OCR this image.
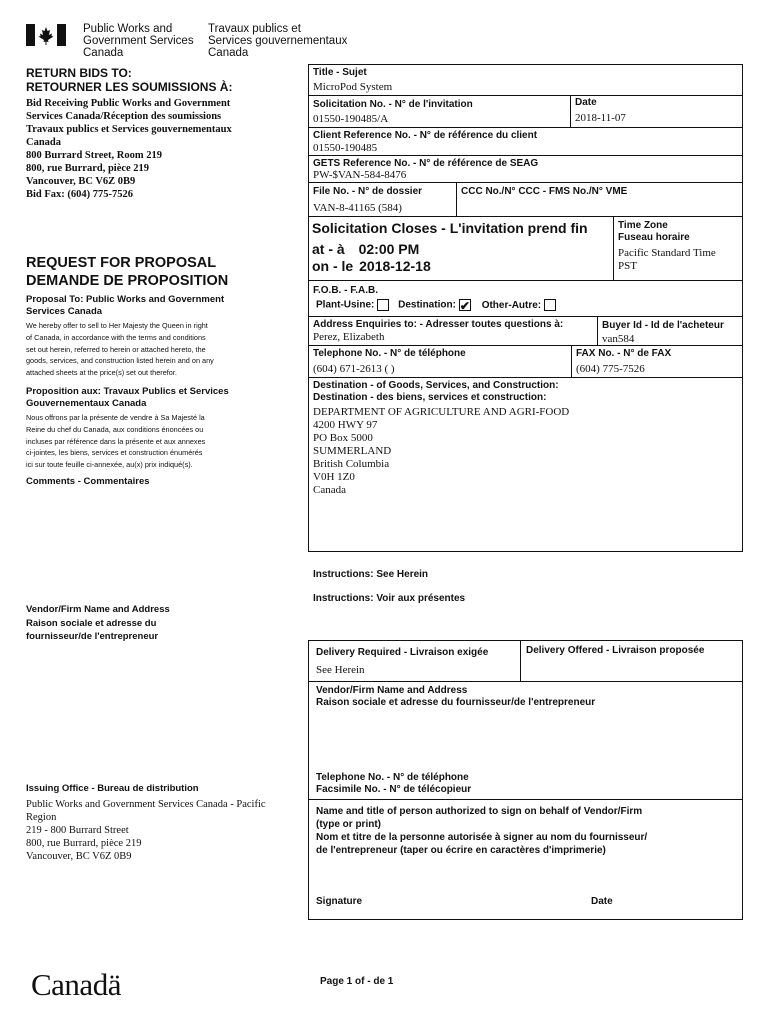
Public Works and
Government Services
Canada
Travaux publics et
Services gouvernementaux
Canada
RETURN BIDS TO:
RETOURNER LES SOUMISSIONS À:
Bid Receiving Public Works and Government
Services Canada/Réception des soumissions
Travaux publics et Services gouvernementaux
Canada
800 Burrard Street, Room 219
800, rue Burrard, pièce 219
Vancouver, BC V6Z 0B9
Bid Fax: (604) 775-7526
REQUEST FOR PROPOSAL
DEMANDE DE PROPOSITION
Proposal To: Public Works and Government
Services Canada
We hereby offer to sell to Her Majesty the Queen in right
of Canada, in accordance with the terms and conditions
set out herein, referred to herein or attached hereto, the
goods, services, and construction listed herein and on any
attached sheets at the price(s) set out therefor.
Proposition aux: Travaux Publics et Services
Gouvernementaux Canada
Nous offrons par la présente de vendre à Sa Majesté la
Reine du chef du Canada, aux conditions énoncées ou
incluses par référence dans la présente et aux annexes
ci-jointes, les biens, services et construction énumérés
ici sur toute feuille ci-annexée, au(x) prix indiqué(s).
Comments - Commentaires
Vendor/Firm Name and Address
Raison sociale et adresse du
fournisseur/de l'entrepreneur
Issuing Office - Bureau de distribution
Public Works and Government Services Canada - Pacific
Region
219 - 800 Burrard Street
800, rue Burrard, pièce 219
Vancouver, BC V6Z 0B9
Title - Sujet
MicroPod System
Solicitation No. - N° de l'invitation
01550-190485/A
Date
2018-11-07
Client Reference No. - N° de référence du client
01550-190485
GETS Reference No. - N° de référence de SEAG
PW-$VAN-584-8476
File No. - N° de dossier
VAN-8-41165 (584)
CCC No./N° CCC - FMS No./N° VME
Solicitation Closes - L'invitation prend fin
at - à 02:00 PM
on - le 2018-12-18
Time Zone
Fuseau horaire
Pacific Standard Time
PST
F.O.B. - F.A.B.
Plant-Usine: Destination: ✔ Other-Autre:
Address Enquiries to: - Adresser toutes questions à:
Perez, Elizabeth
Buyer Id - Id de l'acheteur
van584
Telephone No. - N° de téléphone
(604) 671-2613 ( )
FAX No. - N° de FAX
(604) 775-7526
Destination - of Goods, Services, and Construction:
Destination - des biens, services et construction:
DEPARTMENT OF AGRICULTURE AND AGRI-FOOD
4200 HWY 97
PO Box 5000
SUMMERLAND
British Columbia
V0H 1Z0
Canada
Instructions: See Herein
Instructions: Voir aux présentes
Delivery Required - Livraison exigée
See Herein
Delivery Offered - Livraison proposée
Vendor/Firm Name and Address
Raison sociale et adresse du fournisseur/de l'entrepreneur
Telephone No. - N° de téléphone
Facsimile No. - N° de télécopieur
Name and title of person authorized to sign on behalf of Vendor/Firm
(type or print)
Nom et titre de la personne autorisée à signer au nom du fournisseur/
de l'entrepreneur (taper ou écrire en caractères d'imprimerie)
Signature	Date
Canadä	Page 1 of - de 1
